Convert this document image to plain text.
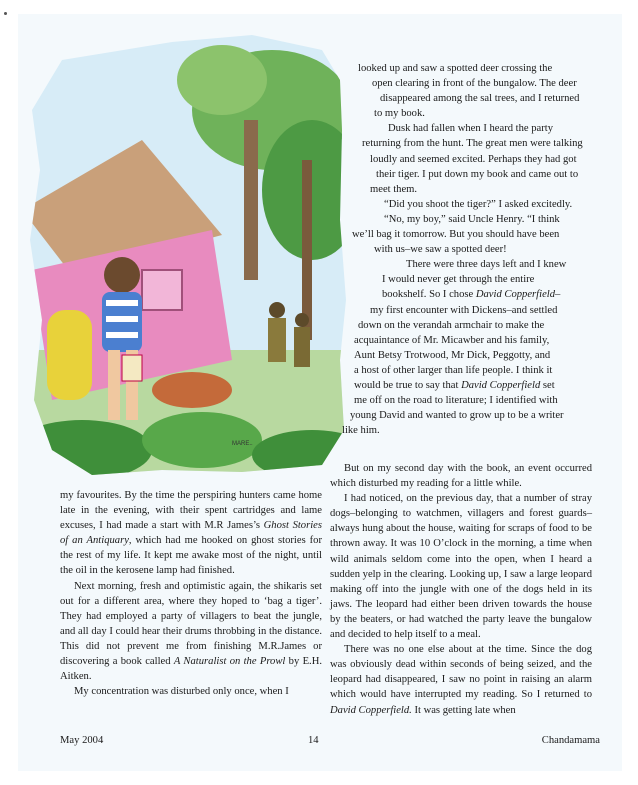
MARE..

looked up and saw a spotted deer crossing the

open clearing in front of the bungalow. The deer

disappeared among the sal trees, and I returned

to my book.

Dusk had fallen when I heard the party

returning from the hunt. The great men were talking

loudly and seemed excited. Perhaps they had got

their tiger. I put down my book and came out to

meet them.

“Did you shoot the tiger?” I asked excitedly.

“No, my boy,” said Uncle Henry. “I think

we’ll bag it tomorrow. But you should have been

with us–we saw a spotted deer!

There were three days left and I knew

I would never get through the entire

bookshelf. So I chose David Copperfield–

my first encounter with Dickens–and settled

down on the verandah armchair to make the

acquaintance of Mr. Micawber and his family,

Aunt Betsy Trotwood, Mr Dick, Peggotty, and

a host of other larger than life people. I think it

would be true to say that David Copperfield set

me off on the road to literature; I identified with

young David and wanted to grow up to be a writer

like him.

But on my second day with the book, an event occurred which disturbed my reading for a little while.

I had noticed, on the previous day, that a number of stray dogs–belonging to watchmen, villagers and forest guards–always hung about the house, waiting for scraps of food to be thrown away. It was 10 O’clock in the morning, a time when wild animals seldom come into the open, when I heard a sudden yelp in the clearing. Looking up, I saw a large leopard making off into the jungle with one of the dogs held in its jaws. The leopard had either been driven towards the house by the beaters, or had watched the party leave the bungalow and decided to help itself to a meal.

There was no one else about at the time. Since the dog was obviously dead within seconds of being seized, and the leopard had disappeared, I saw no point in raising an alarm which would have interrupted my reading. So I returned to David Copperfield. It was getting late when

my favourites. By the time the perspiring hunters came home late in the evening, with their spent cartridges and lame excuses, I had made a start with M.R James’s Ghost Stories of an Antiquary, which had me hooked on ghost stories for the rest of my life. It kept me awake most of the night, until the oil in the kerosene lamp had finished.

Next morning, fresh and optimistic again, the shikaris set out for a different area, where they hoped to ‘bag a tiger’. They had employed a party of villagers to beat the jungle, and all day I could hear their drums throbbing in the distance. This did not prevent me from finishing M.R.James or discovering a book called A Naturalist on the Prowl by E.H. Aitken.

My concentration was disturbed only once, when I

May 2004	14	Chandamama
